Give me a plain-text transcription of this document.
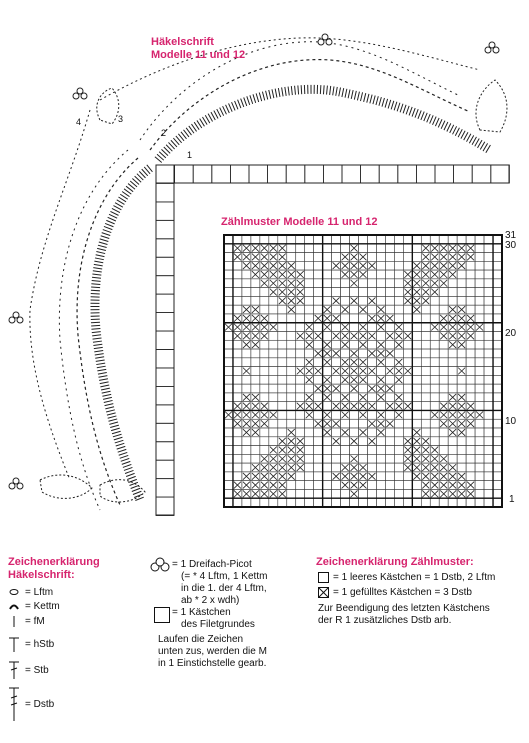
1
2
3
4
Häkelschrift
Modelle 11 und 12
Zählmuster Modelle 11 und 12
31
30
20
10
1
Zeichenerklärung
Häkelschrift:
= Lftm
= Kettm
= fM
= hStb
= Stb
= Dstb
= 1 Dreifach-Picot
(= * 4 Lftm, 1 Kettm
in die 1. der 4 Lftm,
ab * 2 x wdh)
= 1 Kästchen
des Filetgrundes
Laufen die Zeichen
unten zus, werden die M
in 1 Einstichstelle gearb.
Zeichenerklärung Zählmuster:
= 1 leeres Kästchen = 1 Dstb, 2 Lftm
= 1 gefülltes Kästchen = 3 Dstb
Zur Beendigung des letzten Kästchens
der R 1 zusätzliches Dstb arb.
